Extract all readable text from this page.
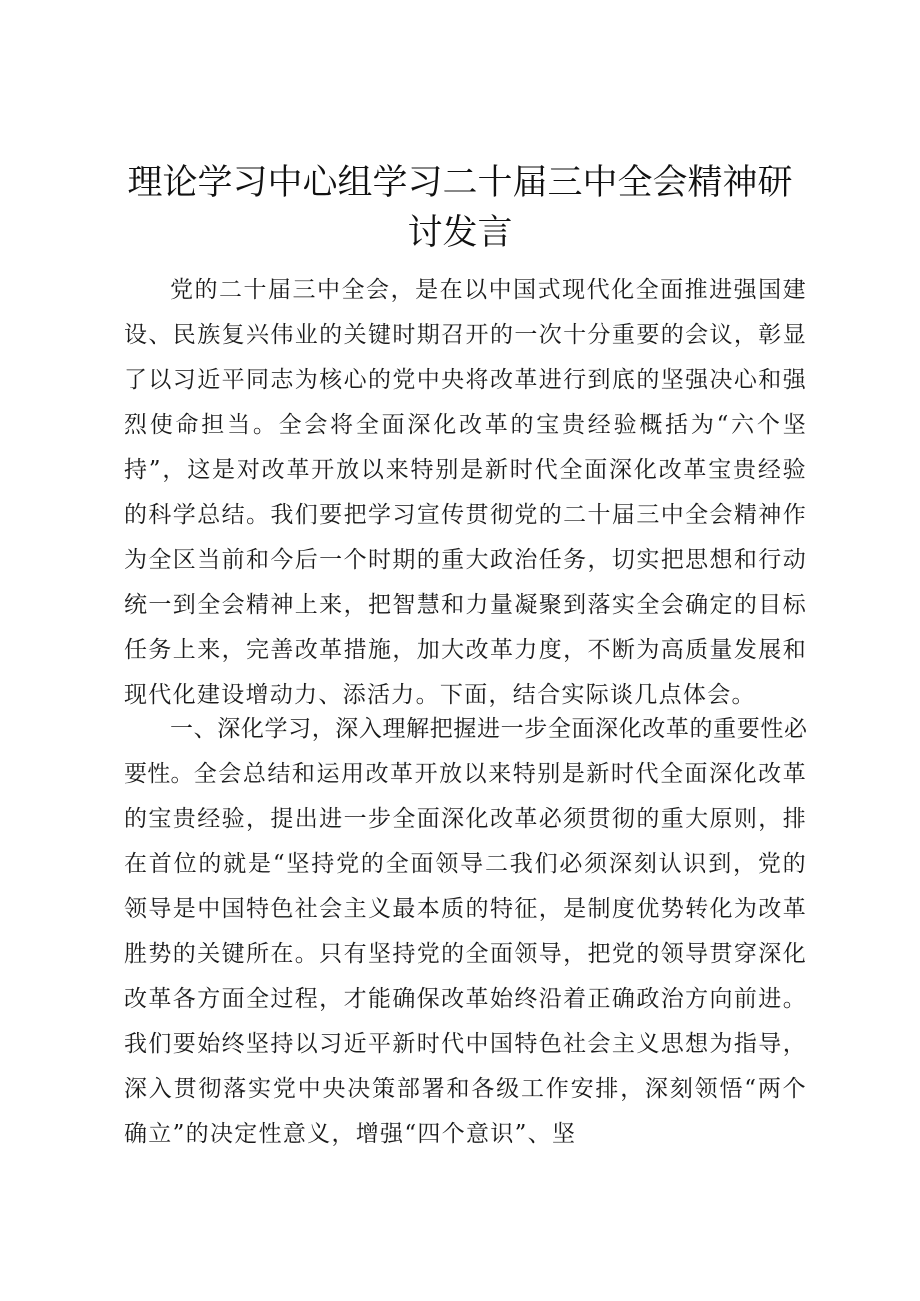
理论学习中心组学习二十届三中全会精神研讨发言

党的二十届三中全会，是在以中国式现代化全面推进强国建设、民族复兴伟业的关键时期召开的一次十分重要的会议，彰显了以习近平同志为核心的党中央将改革进行到底的坚强决心和强烈使命担当。全会将全面深化改革的宝贵经验概括为“六个坚持”，这是对改革开放以来特别是新时代全面深化改革宝贵经验的科学总结。我们要把学习宣传贯彻党的二十届三中全会精神作为全区当前和今后一个时期的重大政治任务，切实把思想和行动统一到全会精神上来，把智慧和力量凝聚到落实全会确定的目标任务上来，完善改革措施，加大改革力度，不断为高质量发展和现代化建设增动力、添活力。下面，结合实际谈几点体会。

一、深化学习，深入理解把握进一步全面深化改革的重要性必要性。全会总结和运用改革开放以来特别是新时代全面深化改革的宝贵经验，提出进一步全面深化改革必须贯彻的重大原则，排在首位的就是“坚持党的全面领导二我们必须深刻认识到，党的领导是中国特色社会主义最本质的特征，是制度优势转化为改革胜势的关键所在。只有坚持党的全面领导，把党的领导贯穿深化改革各方面全过程，才能确保改革始终沿着正确政治方向前进。我们要始终坚持以习近平新时代中国特色社会主义思想为指导，深入贯彻落实党中央决策部署和各级工作安排，深刻领悟“两个确立”的决定性意义，增强“四个意识”、坚
